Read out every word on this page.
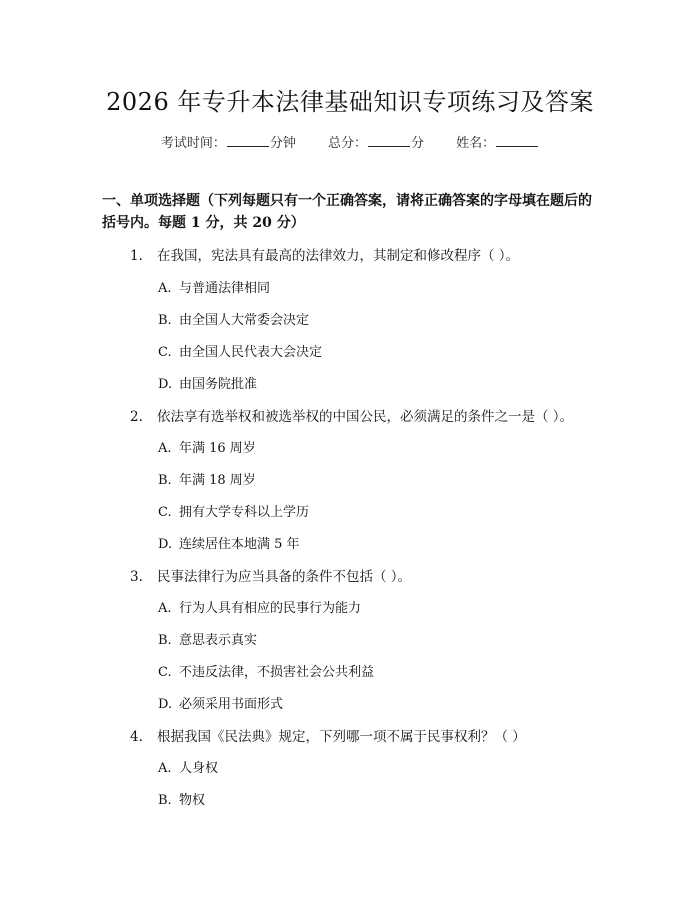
2026 年专升本法律基础知识专项练习及答案
考试时间：	分钟 总分：	分 姓名：
一、单项选择题（下列每题只有一个正确答案，请将正确答案的字母填在题后的
括号内。每题 1 分，共 20 分）
1. 在我国，宪法具有最高的法律效力，其制定和修改程序（ ）。
A. 与普通法律相同
B. 由全国人大常委会决定
C. 由全国人民代表大会决定
D. 由国务院批准
2. 依法享有选举权和被选举权的中国公民，必须满足的条件之一是（ ）。
A. 年满 16 周岁
B. 年满 18 周岁
C. 拥有大学专科以上学历
D. 连续居住本地满 5 年
3. 民事法律行为应当具备的条件不包括（ ）。
A. 行为人具有相应的民事行为能力
B. 意思表示真实
C. 不违反法律，不损害社会公共利益
D. 必须采用书面形式
4. 根据我国《民法典》规定，下列哪一项不属于民事权利？（ ）
A. 人身权
B. 物权
